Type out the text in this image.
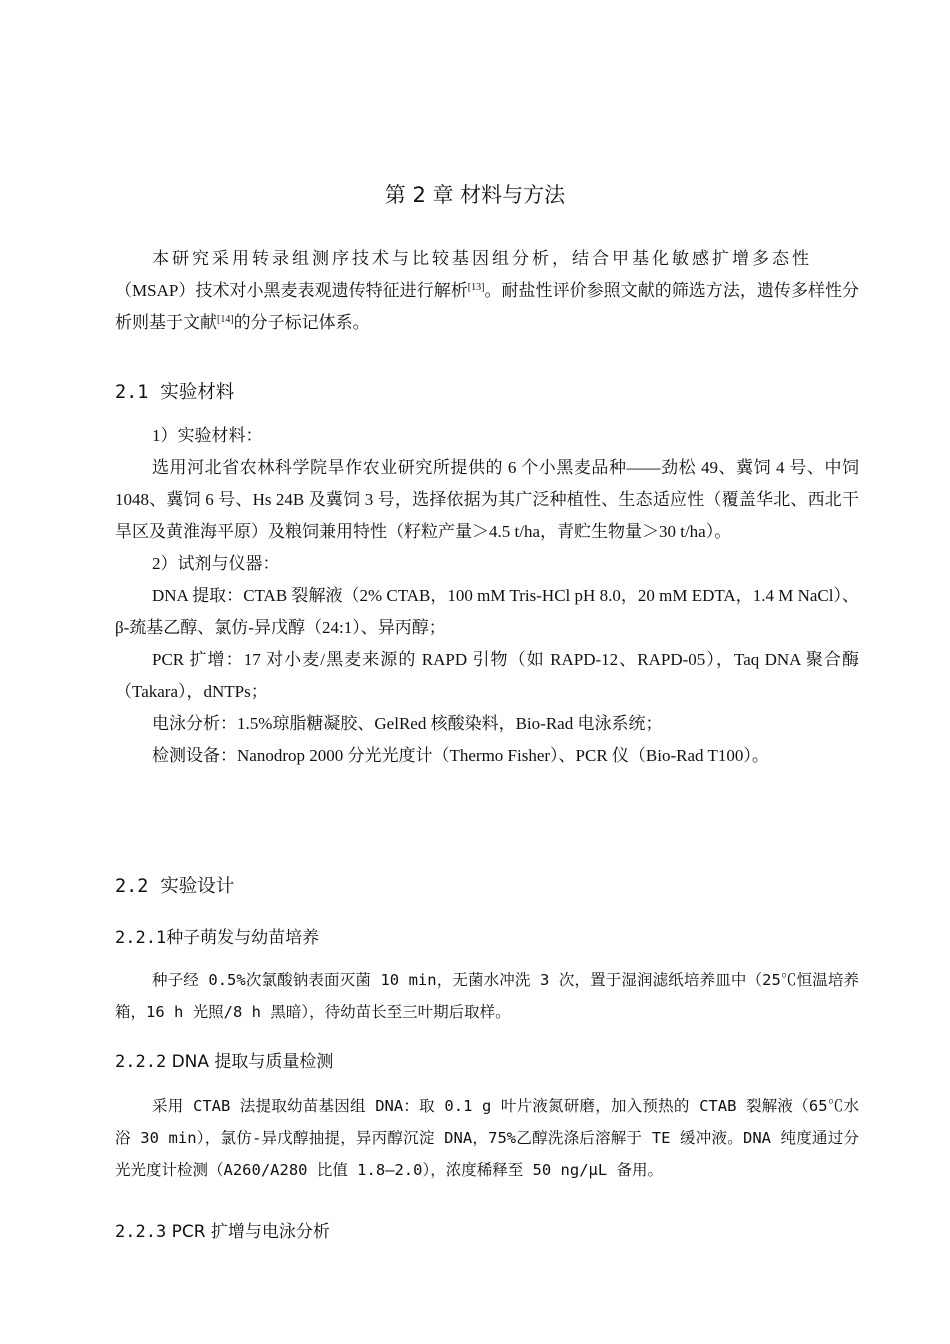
第 2 章 材料与方法
本研究采用转录组测序技术与比较基因组分析，结合甲基化敏感扩增多态性
（MSAP）技术对小黑麦表观遗传特征进行解析[13]。耐盐性评价参照文献的筛选方法，遗传多样性分析则基于文献[14]的分子标记体系。
2.1 实验材料
1）实验材料：
选用河北省农林科学院旱作农业研究所提供的 6 个小黑麦品种——劲松 49、冀饲 4 号、中饲 1048、冀饲 6 号、Hs 24B 及冀饲 3 号，选择依据为其广泛种植性、生态适应性（覆盖华北、西北干旱区及黄淮海平原）及粮饲兼用特性（籽粒产量＞4.5 t/ha，青贮生物量＞30 t/ha）。
2）试剂与仪器：
DNA 提取：CTAB 裂解液（2% CTAB，100 mM Tris-HCl pH 8.0，20 mM EDTA，1.4 M NaCl）、β-巯基乙醇、氯仿-异戊醇（24:1）、异丙醇；
PCR 扩增：17 对小麦/黑麦来源的 RAPD 引物（如 RAPD-12、RAPD-05），Taq DNA 聚合酶（Takara），dNTPs；
电泳分析：1.5%琼脂糖凝胶、GelRed 核酸染料，Bio-Rad 电泳系统；
检测设备：Nanodrop 2000 分光光度计（Thermo Fisher）、PCR 仪（Bio-Rad T100）。
2.2 实验设计
2.2.1种子萌发与幼苗培养
种子经 0.5%次氯酸钠表面灭菌 10 min，无菌水冲洗 3 次，置于湿润滤纸培养皿中（25℃恒温培养箱，16 h 光照/8 h 黑暗），待幼苗长至三叶期后取样。
2.2.2 DNA 提取与质量检测
采用 CTAB 法提取幼苗基因组 DNA：取 0.1 g 叶片液氮研磨，加入预热的 CTAB 裂解液（65℃水浴 30 min），氯仿-异戊醇抽提，异丙醇沉淀 DNA，75%乙醇洗涤后溶解于 TE 缓冲液。DNA 纯度通过分光光度计检测（A260/A280 比值 1.8–2.0），浓度稀释至 50 ng/μL 备用。
2.2.3 PCR 扩增与电泳分析
